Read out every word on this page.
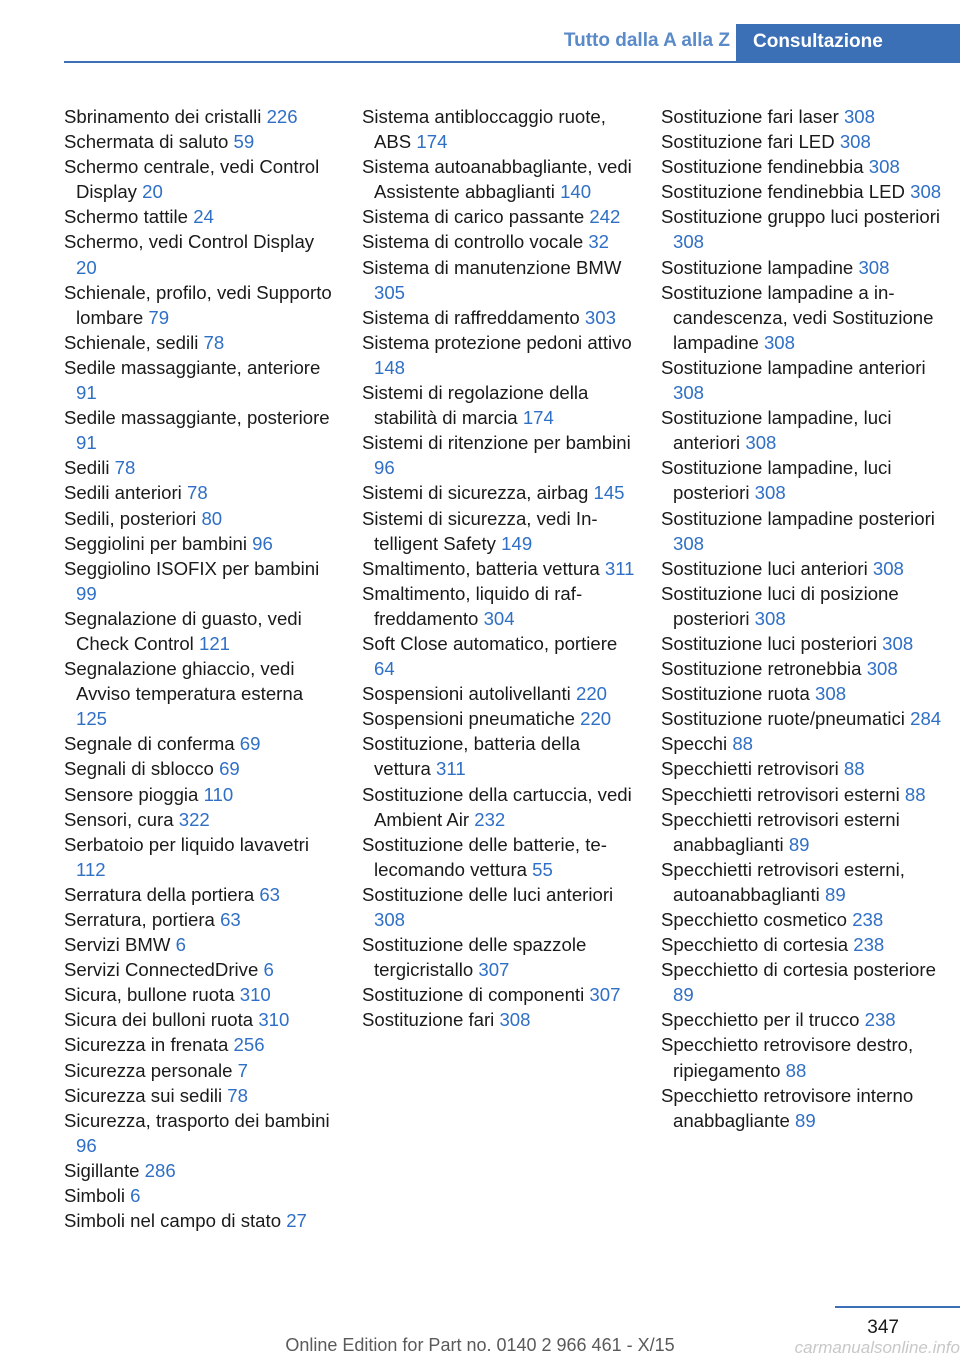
Tutto dalla A alla Z	Consultazione
Sbrinamento dei cristalli 226
Schermata di saluto 59
Schermo centrale, vedi Control Display 20
Schermo tattile 24
Schermo, vedi Control Display 20
Schienale, profilo, vedi Supporto lombare 79
Schienale, sedili 78
Sedile massaggiante, anteriore 91
Sedile massaggiante, posteriore 91
Sedili 78
Sedili anteriori 78
Sedili, posteriori 80
Seggiolini per bambini 96
Seggiolino ISOFIX per bambini 99
Segnalazione di guasto, vedi Check Control 121
Segnalazione ghiaccio, vedi Avviso temperatura esterna 125
Segnale di conferma 69
Segnali di sblocco 69
Sensore pioggia 110
Sensori, cura 322
Serbatoio per liquido lavavetri 112
Serratura della portiera 63
Serratura, portiera 63
Servizi BMW 6
Servizi ConnectedDrive 6
Sicura, bullone ruota 310
Sicura dei bulloni ruota 310
Sicurezza in frenata 256
Sicurezza personale 7
Sicurezza sui sedili 78
Sicurezza, trasporto dei bambini 96
Sigillante 286
Simboli 6
Simboli nel campo di stato 27
Sistema antibloccaggio ruote, ABS 174
Sistema autoanabbagliante, vedi Assistente abbaglianti 140
Sistema di carico passante 242
Sistema di controllo vocale 32
Sistema di manutenzione BMW 305
Sistema di raffreddamento 303
Sistema protezione pedoni attivo 148
Sistemi di regolazione della stabilità di marcia 174
Sistemi di ritenzione per bambini 96
Sistemi di sicurezza, airbag 145
Sistemi di sicurezza, vedi Intelligent Safety 149
Smaltimento, batteria vettura 311
Smaltimento, liquido di raffreddamento 304
Soft Close automatico, portiere 64
Sospensioni autolivellanti 220
Sospensioni pneumatiche 220
Sostituzione, batteria della vettura 311
Sostituzione della cartuccia, vedi Ambient Air 232
Sostituzione delle batterie, telecomando vettura 55
Sostituzione delle luci anteriori 308
Sostituzione delle spazzole tergicristallo 307
Sostituzione di componenti 307
Sostituzione fari 308
Sostituzione fari laser 308
Sostituzione fari LED 308
Sostituzione fendinebbia 308
Sostituzione fendinebbia LED 308
Sostituzione gruppo luci posteriori 308
Sostituzione lampadine 308
Sostituzione lampadine a incandescenza, vedi Sostituzione lampadine 308
Sostituzione lampadine anteriori 308
Sostituzione lampadine, luci anteriori 308
Sostituzione lampadine, luci posteriori 308
Sostituzione lampadine posteriori 308
Sostituzione luci anteriori 308
Sostituzione luci di posizione posteriori 308
Sostituzione luci posteriori 308
Sostituzione retronebbia 308
Sostituzione ruota 308
Sostituzione ruote/pneumatici 284
Specchi 88
Specchietti retrovisori 88
Specchietti retrovisori esterni 88
Specchietti retrovisori esterni anabbaglianti 89
Specchietti retrovisori esterni, autoanabbaglianti 89
Specchietto cosmetico 238
Specchietto di cortesia 238
Specchietto di cortesia posteriore 89
Specchietto per il trucco 238
Specchietto retrovisore destro, ripiegamento 88
Specchietto retrovisore interno anabbagliante 89
347
Online Edition for Part no. 0140 2 966 461 - X/15	carmanualsonline.info
